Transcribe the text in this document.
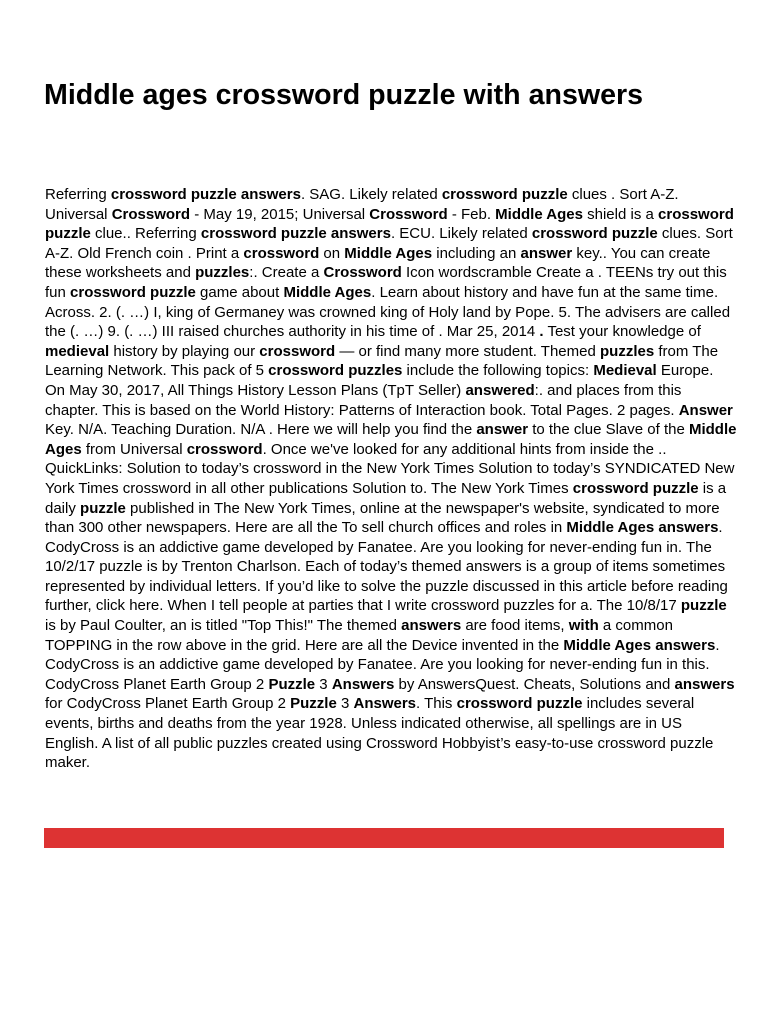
Middle ages crossword puzzle with answers

Referring crossword puzzle answers. SAG. Likely related crossword puzzle clues . Sort A-Z. Universal Crossword - May 19, 2015; Universal Crossword - Feb. Middle Ages shield is a crossword puzzle clue.. Referring crossword puzzle answers. ECU. Likely related crossword puzzle clues. Sort A-Z. Old French coin . Print a crossword on Middle Ages including an answer key.. You can create these worksheets and puzzles:. Create a Crossword Icon wordscramble Create a . TEENs try out this fun crossword puzzle game about Middle Ages. Learn about history and have fun at the same time. Across. 2. (. …) I, king of Germaney was crowned king of Holy land by Pope. 5. The advisers are called the (. …) 9. (. …) III raised churches authority in his time of . Mar 25, 2014 . Test your knowledge of medieval history by playing our crossword — or find many more student. Themed puzzles from The Learning Network. This pack of 5 crossword puzzles include the following topics: Medieval Europe. On May 30, 2017, All Things History Lesson Plans (TpT Seller) answered:. and places from this chapter. This is based on the World History: Patterns of Interaction book. Total Pages. 2 pages. Answer Key. N/A. Teaching Duration. N/A . Here we will help you find the answer to the clue Slave of the Middle Ages from Universal crossword. Once we've looked for any additional hints from inside the .. QuickLinks: Solution to today’s crossword in the New York Times Solution to today’s SYNDICATED New York Times crossword in all other publications Solution to. The New York Times crossword puzzle is a daily puzzle published in The New York Times, online at the newspaper's website, syndicated to more than 300 other newspapers. Here are all the To sell church offices and roles in Middle Ages answers. CodyCross is an addictive game developed by Fanatee. Are you looking for never-ending fun in. The 10/2/17 puzzle is by Trenton Charlson. Each of today’s themed answers is a group of items sometimes represented by individual letters. If you’d like to solve the puzzle discussed in this article before reading further, click here. When I tell people at parties that I write crossword puzzles for a. The 10/8/17 puzzle is by Paul Coulter, an is titled "Top This!" The themed answers are food items, with a common TOPPING in the row above in the grid. Here are all the Device invented in the Middle Ages answers. CodyCross is an addictive game developed by Fanatee. Are you looking for never-ending fun in this. CodyCross Planet Earth Group 2 Puzzle 3 Answers by AnswersQuest. Cheats, Solutions and answers for CodyCross Planet Earth Group 2 Puzzle 3 Answers. This crossword puzzle includes several events, births and deaths from the year 1928. Unless indicated otherwise, all spellings are in US English. A list of all public puzzles created using Crossword Hobbyist’s easy-to-use crossword puzzle maker.
